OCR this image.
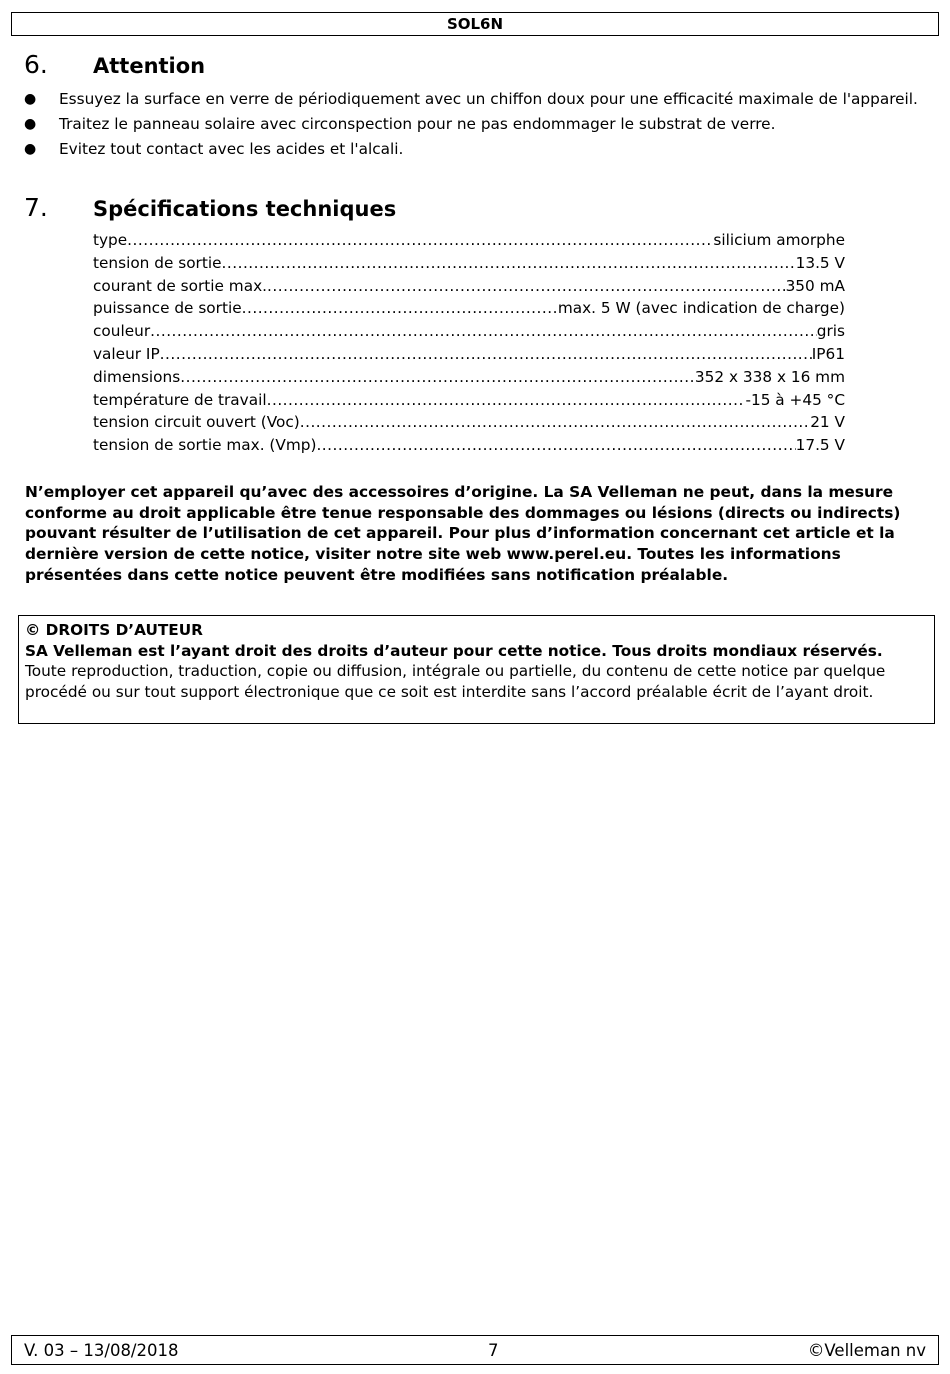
SOL6N
6.	Attention
●	Essuyez la surface en verre de périodiquement avec un chiffon doux pour une efficacité maximale de l'appareil.
●	Traitez le panneau solaire avec circonspection pour ne pas endommager le substrat de verre.
●	Evitez tout contact avec les acides et l'alcali.
7.	Spécifications techniques
type .....	silicium amorphe
tension de sortie .....	13.5 V
courant de sortie max. .....	350 mA
puissance de sortie .....	max. 5 W (avec indication de charge)
couleur .....	gris
valeur IP .....	IP61
dimensions .....	352 x 338 x 16 mm
température de travail .....	-15 à +45 °C
tension circuit ouvert (Voc) .....	21 V
tension de sortie max. (Vmp) .....	17.5 V
N’employer cet appareil qu’avec des accessoires d’origine. La SA Velleman ne peut, dans la mesure conforme au droit applicable être tenue responsable des dommages ou lésions (directs ou indirects) pouvant résulter de l’utilisation de cet appareil. Pour plus d’information concernant cet article et la dernière version de cette notice, visiter notre site web www.perel.eu. Toutes les informations présentées dans cette notice peuvent être modifiées sans notification préalable.
© DROITS D’AUTEUR
SA Velleman est l’ayant droit des droits d’auteur pour cette notice. Tous droits mondiaux réservés. Toute reproduction, traduction, copie ou diffusion, intégrale ou partielle, du contenu de cette notice par quelque procédé ou sur tout support électronique que ce soit est interdite sans l’accord préalable écrit de l’ayant droit.
V. 03 – 13/08/2018	7	©Velleman nv
